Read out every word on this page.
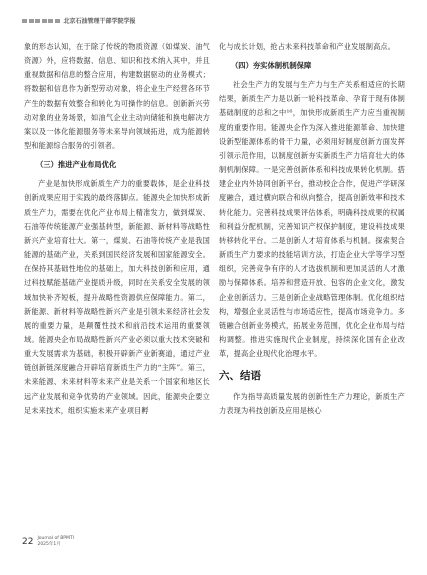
北京石油管理干部学院学报

象的形态认知，在于除了传统的物质资源（如煤炭、油气资源）外，应将数据、信息、知识和技术纳入其中，并且重视数据和信息的整合应用，构建数据驱动的业务模式；将数据和信息作为新型劳动对象，将企业生产经营各环节产生的数据有效整合和转化为可操作的信息。创新新兴劳动对象的业务场景，如油气企业主动向储能和换电解决方案以及一体化能源服务等未来导向领域拓进，成为能源转型和能源综合服务的引领者。

（三）推进产业布局优化

产业是加快形成新质生产力的重要载体，是企业科技创新成果应用于实践的最终落脚点。能源央企加快形成新质生产力，需要在优化产业布局上精准发力，做到煤炭、石油等传统能源产业强基转型，新能源、新材料等战略性新兴产业培育壮大。第一，煤炭、石油等传统产业是我国能源的基础产业，关系到国民经济发展和国家能源安全。在保持其基础性地位的基础上，加大科技创新和应用，通过科技赋能基础产业提质升级，同时在关系安全发展的领域加快补齐短板，提升战略性资源供应保障能力。第二，新能源、新材料等战略性新兴产业是引领未来经济社会发展的重要力量，是颠覆性技术和前沿技术运用的重要领域。能源央企布局战略性新兴产业必须以重大技术突破和重大发展需求为基础，积极开辟新产业新赛道，通过产业链创新链深度融合开辟培育新质生产力的“主阵”。第三，未来能源、未来材料等未来产业是关系一个国家和地区长远产业发展和竞争优势的产业领域。因此，能源央企要立足未来技术，组织实施未来产业项目孵

化与成长计划，抢占未来科技革命和产业发展制高点。

（四）夯实体制机制保障

社会生产力的发展与生产力与生产关系相适应的长期结果，新质生产力是以新一轮科技革命、孕育于现有体制基础制度的总和之中¹⁶，加快形成新质生产力应当重视制度的重要作用。能源央企作为深入推进能源革命、加快建设新型能源体系的骨干力量，必须用好制度创新方面发挥引领示范作用，以制度创新夯实新质生产力培育壮大的体制机制保障。一是完善创新体系和科技成果转化机制。搭建企业内外协同创新平台，推动校企合作，促进产学研深度融合，通过横向联合和纵向整合，提高创新效率和技术转化能力。完善科技成果评估体系，明确科技成果的权属和利益分配机制，完善知识产权保护制度，建设科技成果转移转化平台。二是创新人才培育体系与机制。探索契合新质生产力要求的技能培训方法，打造企业大学等学习型组织，完善竞争有序的人才选拔机制和更加灵活的人才激励与保障体系。培养和营造开放、包容的企业文化，激发企业创新活力。三是创新企业战略管理体制。优化组织结构，增强企业灵活性与市场适应性，提高市场竞争力。多链融合创新业务模式，拓展业务范围，优化企业布局与结构调整。推进实施现代企业制度，持续深化国有企业改革，提高企业现代化治理水平。

六、结语

作为指导高质量发展的创新性生产力理论，新质生产力表现为科技创新及应用是核心

22 Journal of BPMTI
2025年1月
